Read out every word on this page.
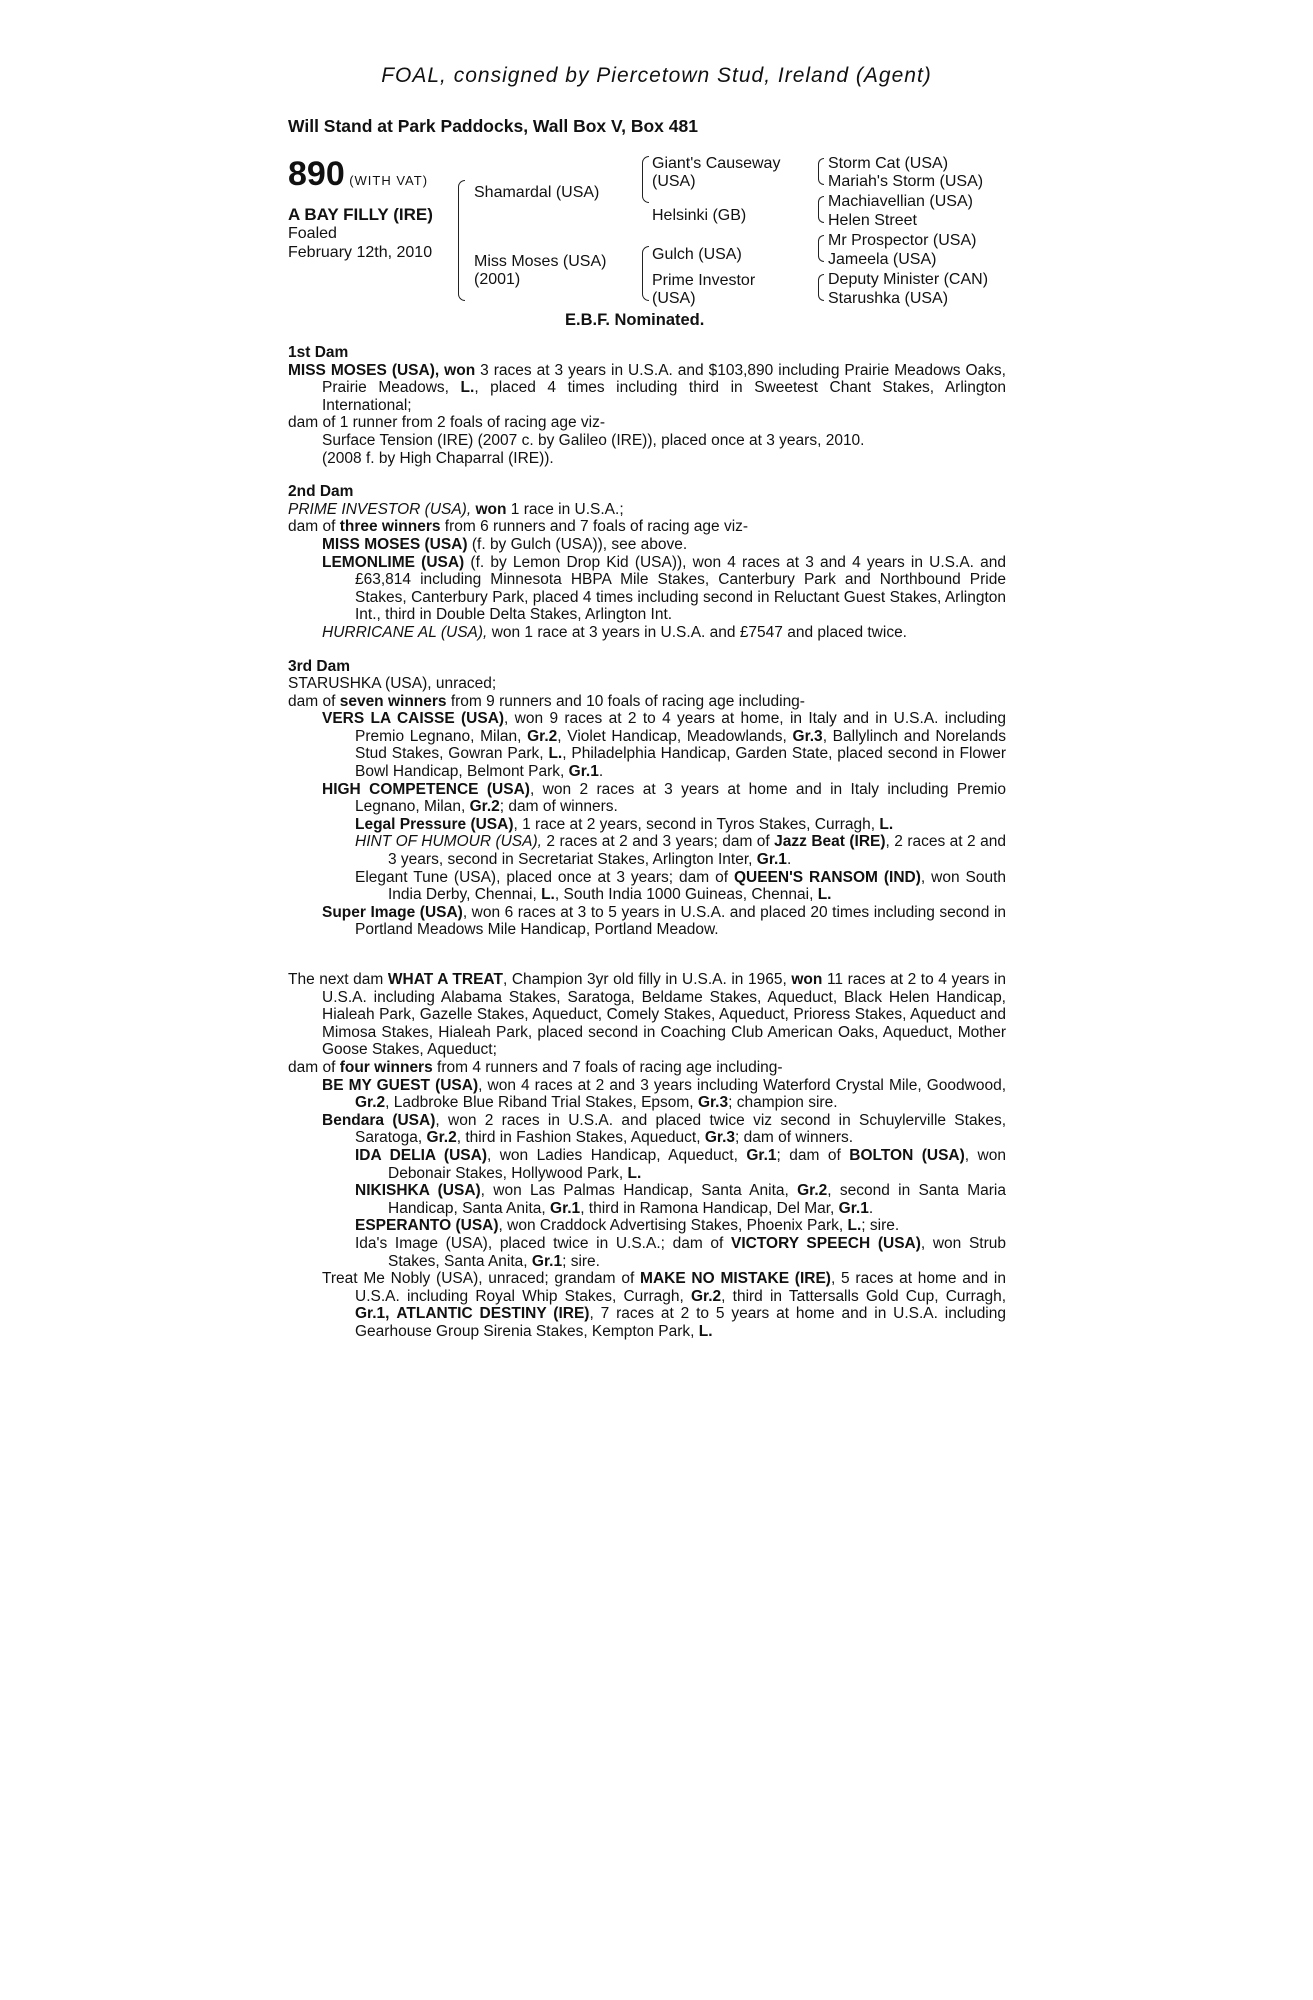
FOAL, consigned by Piercetown Stud, Ireland (Agent)
Will Stand at Park Paddocks, Wall Box V, Box 481
890 (WITH VAT)
A BAY FILLY (IRE)
Foaled
February 12th, 2010
Shamardal (USA)
Miss Moses (USA)
(2001)
Giant's Causeway
(USA)
Helsinki (GB)
Gulch (USA)
Prime Investor
(USA)
Storm Cat (USA)
Mariah's Storm (USA)
Machiavellian (USA)
Helen Street
Mr Prospector (USA)
Jameela (USA)
Deputy Minister (CAN)
Starushka (USA)
E.B.F. Nominated.

1st Dam

MISS MOSES (USA), won 3 races at 3 years in U.S.A. and $103,890 including Prairie Meadows Oaks, Prairie Meadows, L., placed 4 times including third in Sweetest Chant Stakes, Arlington International;

dam of 1 runner from 2 foals of racing age viz-

Surface Tension (IRE) (2007 c. by Galileo (IRE)), placed once at 3 years, 2010.

(2008 f. by High Chaparral (IRE)).

2nd Dam

PRIME INVESTOR (USA), won 1 race in U.S.A.;

dam of three winners from 6 runners and 7 foals of racing age viz-

MISS MOSES (USA) (f. by Gulch (USA)), see above.

LEMONLIME (USA) (f. by Lemon Drop Kid (USA)), won 4 races at 3 and 4 years in U.S.A. and £63,814 including Minnesota HBPA Mile Stakes, Canterbury Park and Northbound Pride Stakes, Canterbury Park, placed 4 times including second in Reluctant Guest Stakes, Arlington Int., third in Double Delta Stakes, Arlington Int.

HURRICANE AL (USA), won 1 race at 3 years in U.S.A. and £7547 and placed twice.

3rd Dam

STARUSHKA (USA), unraced;

dam of seven winners from 9 runners and 10 foals of racing age including-

VERS LA CAISSE (USA), won 9 races at 2 to 4 years at home, in Italy and in U.S.A. including Premio Legnano, Milan, Gr.2, Violet Handicap, Meadowlands, Gr.3, Ballylinch and Norelands Stud Stakes, Gowran Park, L., Philadelphia Handicap, Garden State, placed second in Flower Bowl Handicap, Belmont Park, Gr.1.

HIGH COMPETENCE (USA), won 2 races at 3 years at home and in Italy including Premio Legnano, Milan, Gr.2; dam of winners.

Legal Pressure (USA), 1 race at 2 years, second in Tyros Stakes, Curragh, L.

HINT OF HUMOUR (USA), 2 races at 2 and 3 years; dam of Jazz Beat (IRE), 2 races at 2 and 3 years, second in Secretariat Stakes, Arlington Inter, Gr.1.

Elegant Tune (USA), placed once at 3 years; dam of QUEEN'S RANSOM (IND), won South India Derby, Chennai, L., South India 1000 Guineas, Chennai, L.

Super Image (USA), won 6 races at 3 to 5 years in U.S.A. and placed 20 times including second in Portland Meadows Mile Handicap, Portland Meadow.

The next dam WHAT A TREAT, Champion 3yr old filly in U.S.A. in 1965, won 11 races at 2 to 4 years in U.S.A. including Alabama Stakes, Saratoga, Beldame Stakes, Aqueduct, Black Helen Handicap, Hialeah Park, Gazelle Stakes, Aqueduct, Comely Stakes, Aqueduct, Prioress Stakes, Aqueduct and Mimosa Stakes, Hialeah Park, placed second in Coaching Club American Oaks, Aqueduct, Mother Goose Stakes, Aqueduct;

dam of four winners from 4 runners and 7 foals of racing age including-

BE MY GUEST (USA), won 4 races at 2 and 3 years including Waterford Crystal Mile, Goodwood, Gr.2, Ladbroke Blue Riband Trial Stakes, Epsom, Gr.3; champion sire.

Bendara (USA), won 2 races in U.S.A. and placed twice viz second in Schuylerville Stakes, Saratoga, Gr.2, third in Fashion Stakes, Aqueduct, Gr.3; dam of winners.

IDA DELIA (USA), won Ladies Handicap, Aqueduct, Gr.1; dam of BOLTON (USA), won Debonair Stakes, Hollywood Park, L.

NIKISHKA (USA), won Las Palmas Handicap, Santa Anita, Gr.2, second in Santa Maria Handicap, Santa Anita, Gr.1, third in Ramona Handicap, Del Mar, Gr.1.

ESPERANTO (USA), won Craddock Advertising Stakes, Phoenix Park, L.; sire.

Ida's Image (USA), placed twice in U.S.A.; dam of VICTORY SPEECH (USA), won Strub Stakes, Santa Anita, Gr.1; sire.

Treat Me Nobly (USA), unraced; grandam of MAKE NO MISTAKE (IRE), 5 races at home and in U.S.A. including Royal Whip Stakes, Curragh, Gr.2, third in Tattersalls Gold Cup, Curragh, Gr.1, ATLANTIC DESTINY (IRE), 7 races at 2 to 5 years at home and in U.S.A. including Gearhouse Group Sirenia Stakes, Kempton Park, L.
